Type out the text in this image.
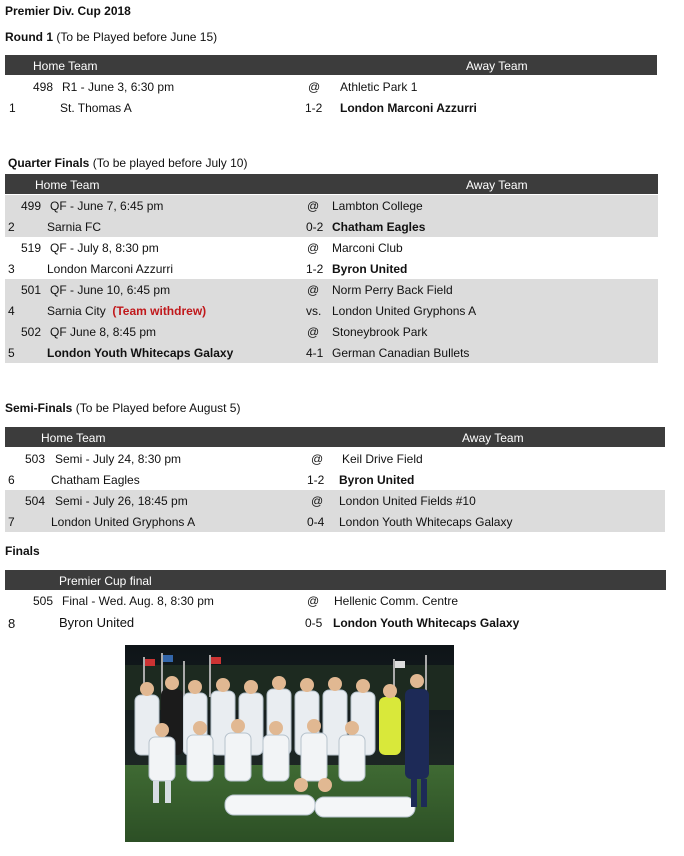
Premier Div. Cup 2018
Round 1 (To be Played before June 15)
Home Team	Away Team
498 R1 - June 3, 6:30 pm	@ Athletic Park 1
1	St. Thomas A	1-2 London Marconi Azzurri
Quarter Finals (To be played before July 10)
Home Team	Away Team
499 QF - June 7, 6:45 pm	@ Lambton College
2	Sarnia FC	0-2 Chatham Eagles
519 QF - July 8, 8:30 pm	@ Marconi Club
3	London Marconi Azzurri	1-2 Byron United
501 QF - June 10, 6:45 pm	@ Norm Perry Back Field
4	Sarnia City (Team withdrew)	vs. London United Gryphons A
502 QF June 8, 8:45 pm	@ Stoneybrook Park
5	London Youth Whitecaps Galaxy	4-1 German Canadian Bullets
Semi-Finals (To be Played before August 5)
Home Team	Away Team
503 Semi - July 24, 8:30 pm	@ Keil Drive Field
6	Chatham Eagles	1-2 Byron United
504 Semi - July 26, 18:45 pm	@ London United Fields #10
7	London United Gryphons A	0-4 London Youth Whitecaps Galaxy
Finals
Premier Cup final
505 Final - Wed. Aug. 8, 8:30 pm	@ Hellenic Comm. Centre
8	Byron United	0-5 London Youth Whitecaps Galaxy
